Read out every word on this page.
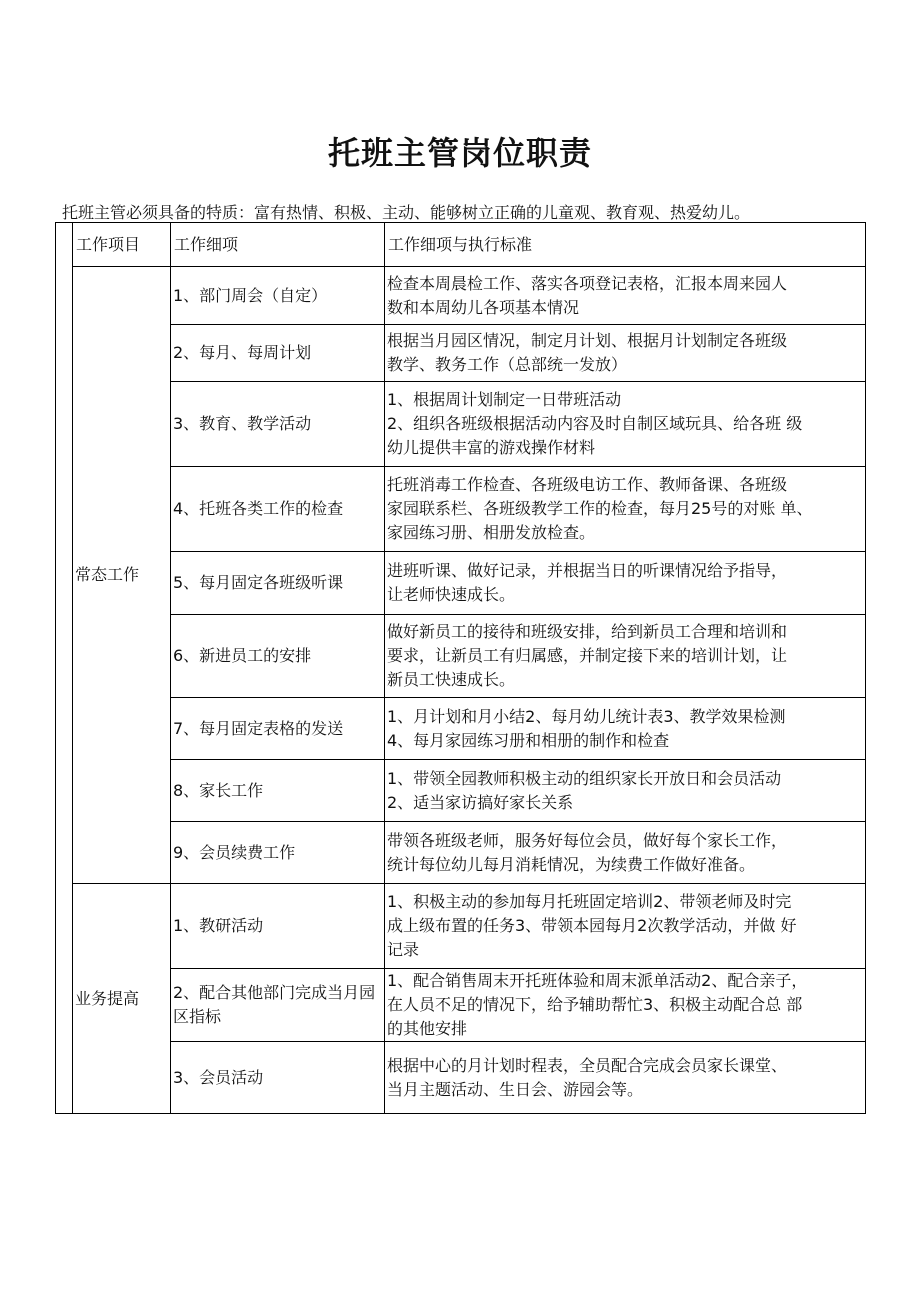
托班主管岗位职责
托班主管必须具备的特质：富有热情、积极、主动、能够树立正确的儿童观、教育观、热爱幼儿。
	工作项目	工作细项	工作细项与执行标准
	常态工作	1、部门周会（自定）	检查本周晨检工作、落实各项登记表格，汇报本周来园人
数和本周幼儿各项基本情况

		2、每月、每周计划	根据当月园区情况，制定月计划、根据月计划制定各班级
教学、教务工作（总部统一发放）

		3、教育、教学活动	1、根据周计划制定一日带班活动
2、组织各班级根据活动内容及时自制区域玩具、给各班 级
幼儿提供丰富的游戏操作材料

		4、托班各类工作的检查	托班消毒工作检查、各班级电访工作、教师备课、各班级
家园联系栏、各班级教学工作的检查，每月25号的对账 单、
家园练习册、相册发放检查。

		5、每月固定各班级听课	进班听课、做好记录，并根据当日的听课情况给予指导，
让老师快速成长。

		6、新进员工的安排	做好新员工的接待和班级安排，给到新员工合理和培训和
要求，让新员工有归属感，并制定接下来的培训计划，让
新员工快速成长。

		7、每月固定表格的发送	1、月计划和月小结2、每月幼儿统计表3、教学效果检测
4、每月家园练习册和相册的制作和检查

		8、家长工作	1、带领全园教师积极主动的组织家长开放日和会员活动
2、适当家访搞好家长关系

		9、会员续费工作	带领各班级老师，服务好每位会员，做好每个家长工作，
统计每位幼儿每月消耗情况，为续费工作做好准备。

	业务提高	1、教研活动	1、积极主动的参加每月托班固定培训2、带领老师及时完
成上级布置的任务3、带领本园每月2次教学活动，并做 好
记录

		2、配合其他部门完成当月园区指标	1、配合销售周末开托班体验和周末派单活动2、配合亲子，
在人员不足的情况下，给予辅助帮忙3、积极主动配合总 部
的其他安排

		3、会员活动	根据中心的月计划时程表，全员配合完成会员家长课堂、
当月主题活动、生日会、游园会等。
